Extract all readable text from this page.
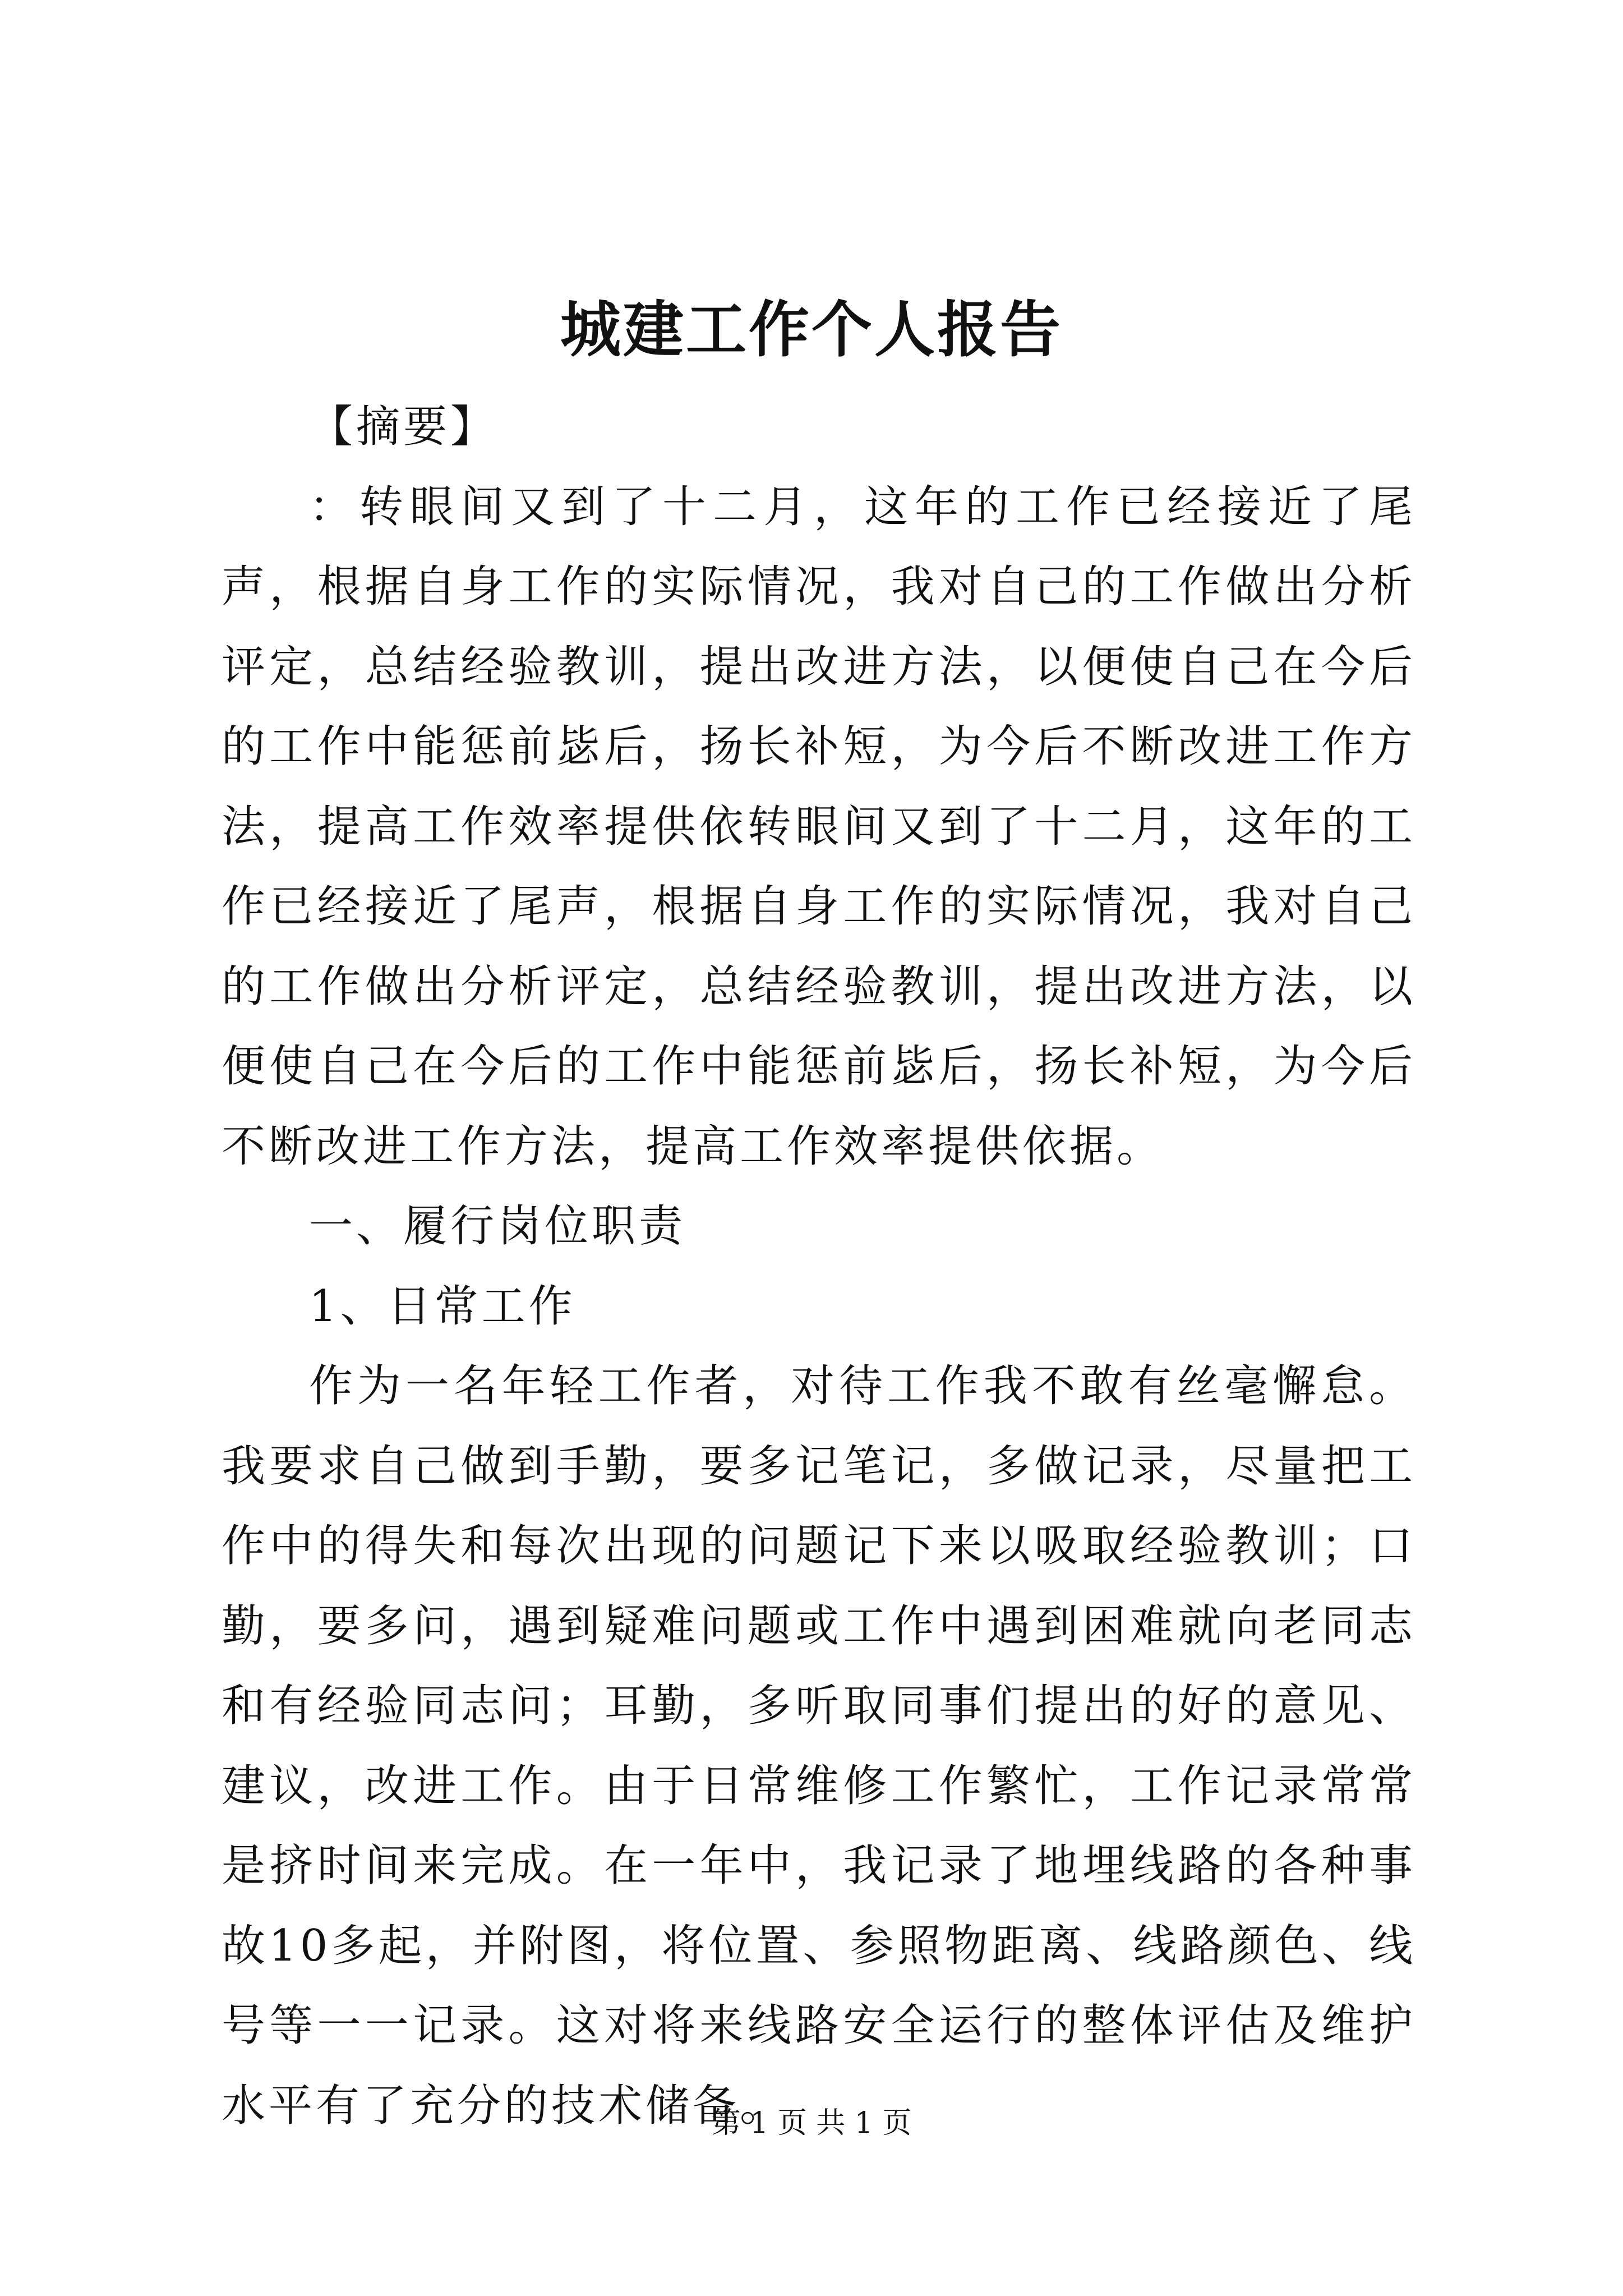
城建工作个人报告

【摘要】

：转眼间又到了十二月，这年的工作已经接近了尾声，根据自身工作的实际情况，我对自己的工作做出分析评定，总结经验教训，提出改进方法，以便使自己在今后的工作中能惩前毖后，扬长补短，为今后不断改进工作方法，提高工作效率提供依转眼间又到了十二月，这年的工作已经接近了尾声，根据自身工作的实际情况，我对自己的工作做出分析评定，总结经验教训，提出改进方法，以便使自己在今后的工作中能惩前毖后，扬长补短，为今后不断改进工作方法，提高工作效率提供依据。

一、履行岗位职责

1、日常工作

作为一名年轻工作者，对待工作我不敢有丝毫懈怠。我要求自己做到手勤，要多记笔记，多做记录，尽量把工作中的得失和每次出现的问题记下来以吸取经验教训；口勤，要多问，遇到疑难问题或工作中遇到困难就向老同志和有经验同志问；耳勤，多听取同事们提出的好的意见、建议，改进工作。由于日常维修工作繁忙，工作记录常常是挤时间来完成。在一年中，我记录了地埋线路的各种事故10多起，并附图，将位置、参照物距离、线路颜色、线号等一一记录。这对将来线路安全运行的整体评估及维护水平有了充分的技术储备。

第 1 页 共 1 页
